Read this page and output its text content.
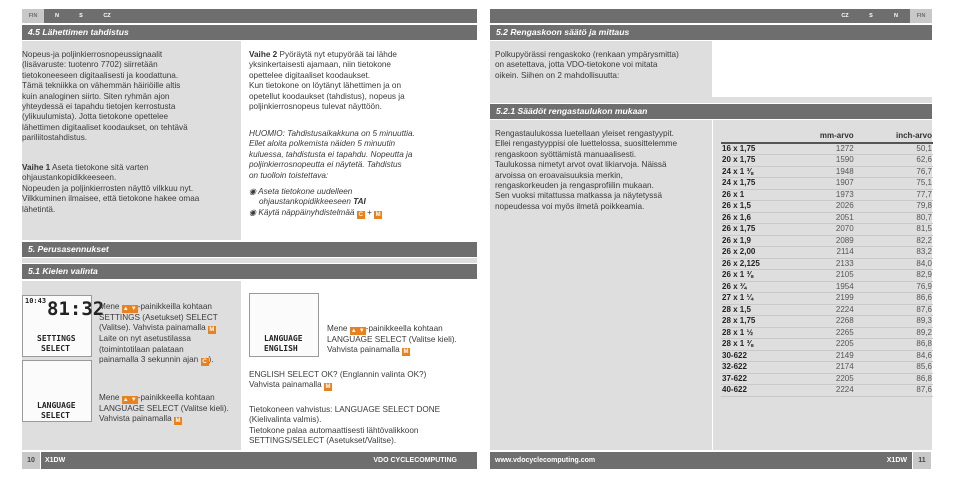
FIN	N	S	CZ	CZ	S	N	FIN
4.5 Lähettimen tahdistus
Nopeus-ja poljinkierrosnopeussignaalit
(lisävaruste: tuotenro 7702) siirretään
tietokoneeseen digitaalisesti ja koodattuna.
Tämä tekniikka on vähemmän häiriöille altis
kuin analoginen siirto. Siten ryhmän ajon
yhteydessä ei tapahdu tietojen kerrostusta
(ylikuulumista). Jotta tietokone opettelee
lähettimen digitaaliset koodaukset, on tehtävä
pariliitostahdistus.
Vaihe 1 Aseta tietokone sitä varten
ohjaustankopidikkeeseen.
Nopeuden ja poljinkierrosten näyttö vilkkuu nyt.
Vilkkuminen ilmaisee, että tietokone hakee omaa
lähetintä.
Vaihe 2 Pyöräytä nyt etupyörää tai lähde
yksinkertaisesti ajamaan, niin tietokone
opettelee digitaaliset koodaukset.
Kun tietokone on löytänyt lähettimen ja on
opetellut koodaukset (tahdistus), nopeus ja
poljinkierrosnopeus tulevat näyttöön.
HUOMIO: Tahdistusaikakkuna on 5 minuuttia.
Ellet aloita polkemista näiden 5 minuutin
kuluessa, tahdistusta ei tapahdu. Nopeutta ja
poljinkierrosnopeutta ei näytetä. Tahdistus
on tuolloin toistettava:
◉ Aseta tietokone uudelleen
ohjaustankopidikkeeseen TAI
◉ Käytä näppäinyhdistelmää C + M
5. Perusasennukset
5.1 Kielen valinta
10:43 81:32
SETTINGS
SELECT
LANGUAGE
SELECT
Mene ▲ ▼-painikkeilla kohtaan
SETTINGS (Asetukset) SELECT
(Valitse). Vahvista painamalla M
Laite on nyt asetustilassa
(toimintotilaan palataan
painamalla 3 sekunnin ajan C ).
Mene ▲ ▼-painikkeella kohtaan
LANGUAGE SELECT (Valitse kieli).
Vahvista painamalla M
LANGUAGE
ENGLISH
Mene ▲ ▼-painikkeella kohtaan
LANGUAGE SELECT (Valitse kieli).
Vahvista painamalla M
ENGLISH SELECT OK? (Englannin valinta OK?)
Vahvista painamalla M
Tietokoneen vahvistus: LANGUAGE SELECT DONE
(Kielivalinta valmis).
Tietokone palaa automaattisesti lähtövalikkoon
SETTINGS/SELECT (Asetukset/Valitse).
10	X1DW	VDO CYCLECOMPUTING
5.2 Rengaskoon säätö ja mittaus
Polkupyörässi rengaskoko (renkaan ympärysmitta)
on asetettava, jotta VDO-tietokone voi mitata
oikein. Siihen on 2 mahdollisuutta:
5.2.1 Säädöt rengastaulukon mukaan
Rengastaulukossa luetellaan yleiset rengastyypit.
Ellei rengastyyppisi ole luettelossa, suosittelemme
rengaskoon syöttämistä manuaalisesti.
Taulukossa nimetyt arvot ovat likiarvoja. Näissä
arvoissa on eroavaisuuksia merkin,
rengaskorkeuden ja rengasprofiilin mukaan.
Sen vuoksi mitattussa matkassa ja näytetyssä
nopeudessa voi myös ilmetä poikkeamia.
	mm-arvo	inch-arvo
16 x 1,75	1272	50,1
20 x 1,75	1590	62,6
24 x 1 ⅜	1948	76,7
24 x 1,75	1907	75,1
26 x 1	1973	77,7
26 x 1,5	2026	79,8
26 x 1,6	2051	80,7
26 x 1,75	2070	81,5
26 x 1,9	2089	82,2
26 x 2,00	2114	83,2
26 x 2,125	2133	84,0
26 x 1 ⅜	2105	82,9
26 x ¾	1954	76,9
27 x 1 ¼	2199	86,6
28 x 1,5	2224	87,6
28 x 1,75	2268	89,3
28 x 1 ½	2265	89,2
28 x 1 ⅜	2205	86,8
30-622	2149	84,6
32-622	2174	85,6
37-622	2205	86,8
40-622	2224	87,6
www.vdocyclecomputing.com	X1DW	11
